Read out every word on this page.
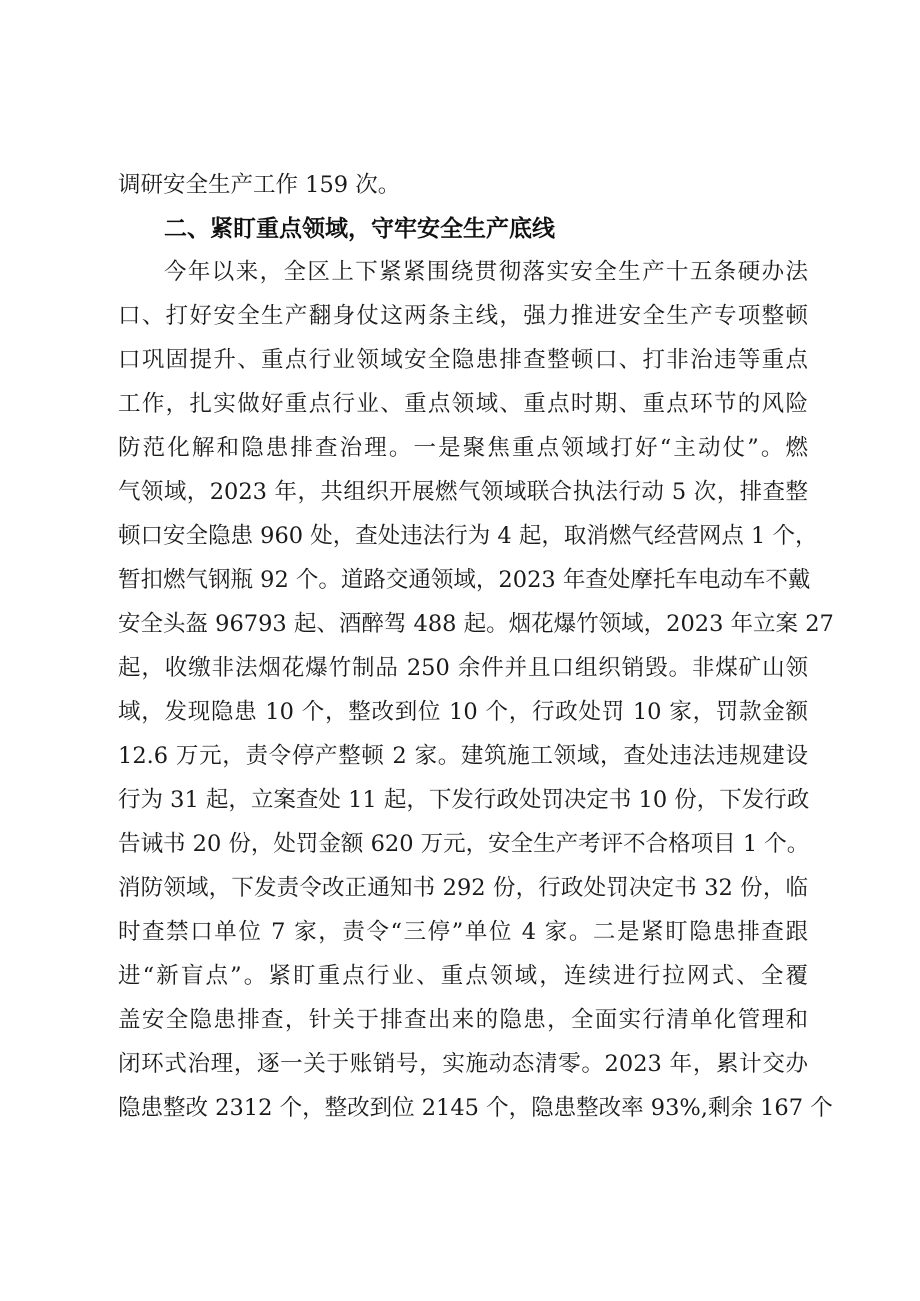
调研安全生产工作 159 次。
二、紧盯重点领域，守牢安全生产底线
今年以来，全区上下紧紧围绕贯彻落实安全生产十五条硬办法
口、打好安全生产翻身仗这两条主线，强力推进安全生产专项整顿
口巩固提升、重点行业领域安全隐患排查整顿口、打非治违等重点
工作，扎实做好重点行业、重点领域、重点时期、重点环节的风险
防范化解和隐患排查治理。一是聚焦重点领域打好“主动仗”。燃
气领域，2023 年，共组织开展燃气领域联合执法行动 5 次，排查整
顿口安全隐患 960 处，查处违法行为 4 起，取消燃气经营网点 1 个，
暂扣燃气钢瓶 92 个。道路交通领域，2023 年查处摩托车电动车不戴
安全头盔 96793 起、酒醉驾 488 起。烟花爆竹领域，2023 年立案 27
起，收缴非法烟花爆竹制品 250 余件并且口组织销毁。非煤矿山领
域，发现隐患 10 个，整改到位 10 个，行政处罚 10 家，罚款金额
12.6 万元，责令停产整顿 2 家。建筑施工领域，查处违法违规建设
行为 31 起，立案查处 11 起，下发行政处罚决定书 10 份，下发行政
告诫书 20 份，处罚金额 620 万元，安全生产考评不合格项目 1 个。
消防领域，下发责令改正通知书 292 份，行政处罚决定书 32 份，临
时查禁口单位 7 家，责令“三停”单位 4 家。二是紧盯隐患排查跟
进“新盲点”。紧盯重点行业、重点领域，连续进行拉网式、全覆
盖安全隐患排查，针关于排查出来的隐患，全面实行清单化管理和
闭环式治理，逐一关于账销号，实施动态清零。2023 年，累计交办
隐患整改 2312 个，整改到位 2145 个，隐患整改率 93%,剩余 167 个
